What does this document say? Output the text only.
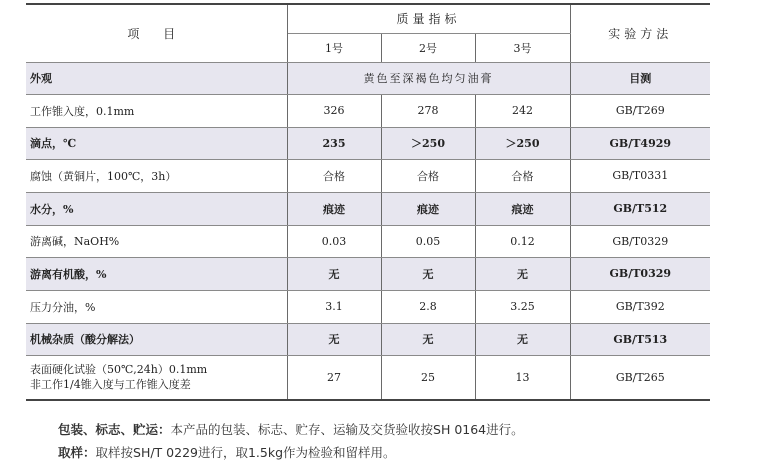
项 目	质量指标			实验方法
	1号	2号	3号	
外观	黄色至深褐色均匀油膏			目测
工作锥入度，0.1mm	326	278	242	GB/T269
滴点，℃	235	＞250	＞250	GB/T4929
腐蚀（黄铜片，100℃，3h）	合格	合格	合格	GB/T0331
水分，%	痕迹	痕迹	痕迹	GB/T512
游离碱，NaOH%	0.03	0.05	0.12	GB/T0329
游离有机酸，%	无	无	无	GB/T0329
压力分油，%	3.1	2.8	3.25	GB/T392
机械杂质（酸分解法）	无	无	无	GB/T513

表面硬化试验（50℃,24h）0.1mm
非工作1/4锥入度与工作锥入度差	27	25	13	GB/T265
包装、标志、贮运：本产品的包装、标志、贮存、运输及交货验收按SH 0164进行。
取样：取样按SH/T 0229进行，取1.5kg作为检验和留样用。
